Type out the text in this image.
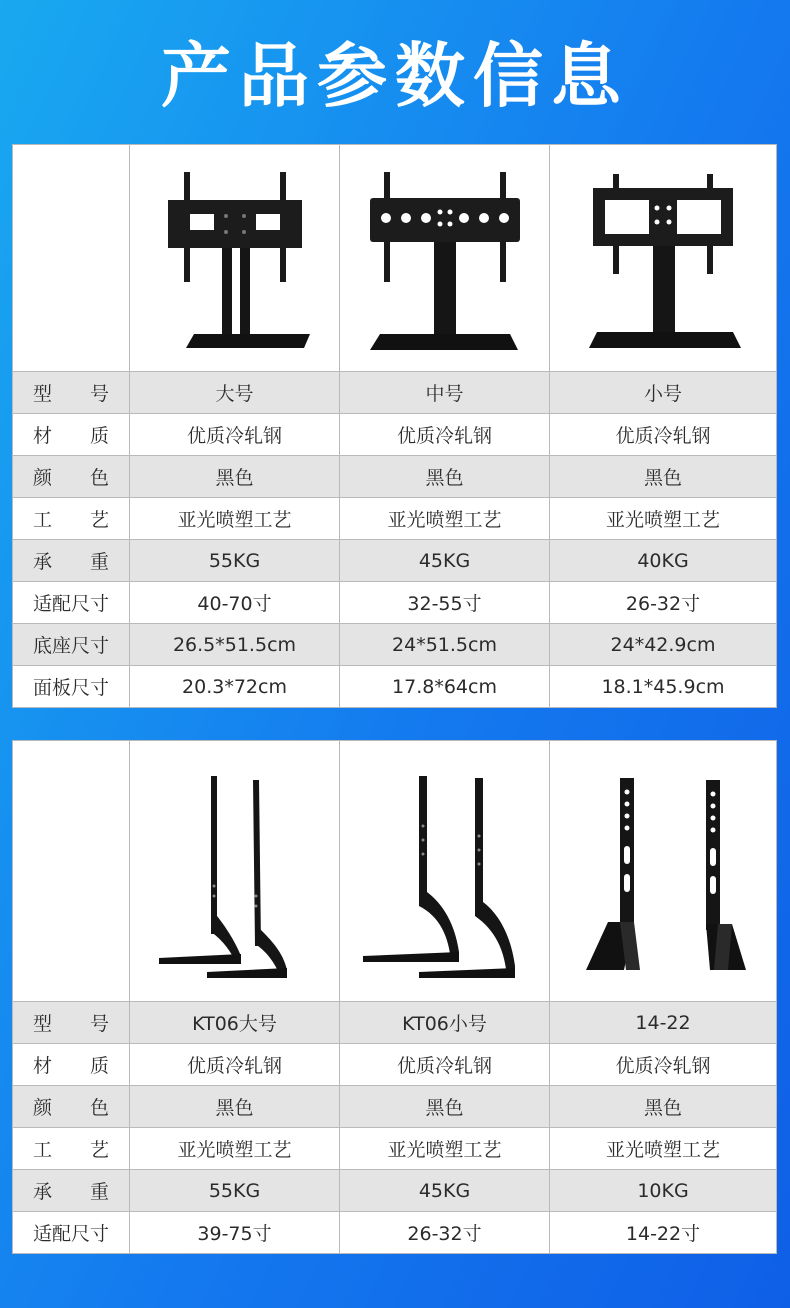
产品参数信息

型　　号	大号	中号	小号
材　　质	优质冷轧钢	优质冷轧钢	优质冷轧钢
颜　　色	黑色	黑色	黑色
工　　艺	亚光喷塑工艺	亚光喷塑工艺	亚光喷塑工艺
承　　重	55KG	45KG	40KG
适配尺寸	40-70寸	32-55寸	26-32寸
底座尺寸	26.5*51.5cm	24*51.5cm	24*42.9cm
面板尺寸	20.3*72cm	17.8*64cm	18.1*45.9cm

型　　号	KT06大号	KT06小号	14-22
材　　质	优质冷轧钢	优质冷轧钢	优质冷轧钢
颜　　色	黑色	黑色	黑色
工　　艺	亚光喷塑工艺	亚光喷塑工艺	亚光喷塑工艺
承　　重	55KG	45KG	10KG
适配尺寸	39-75寸	26-32寸	14-22寸
